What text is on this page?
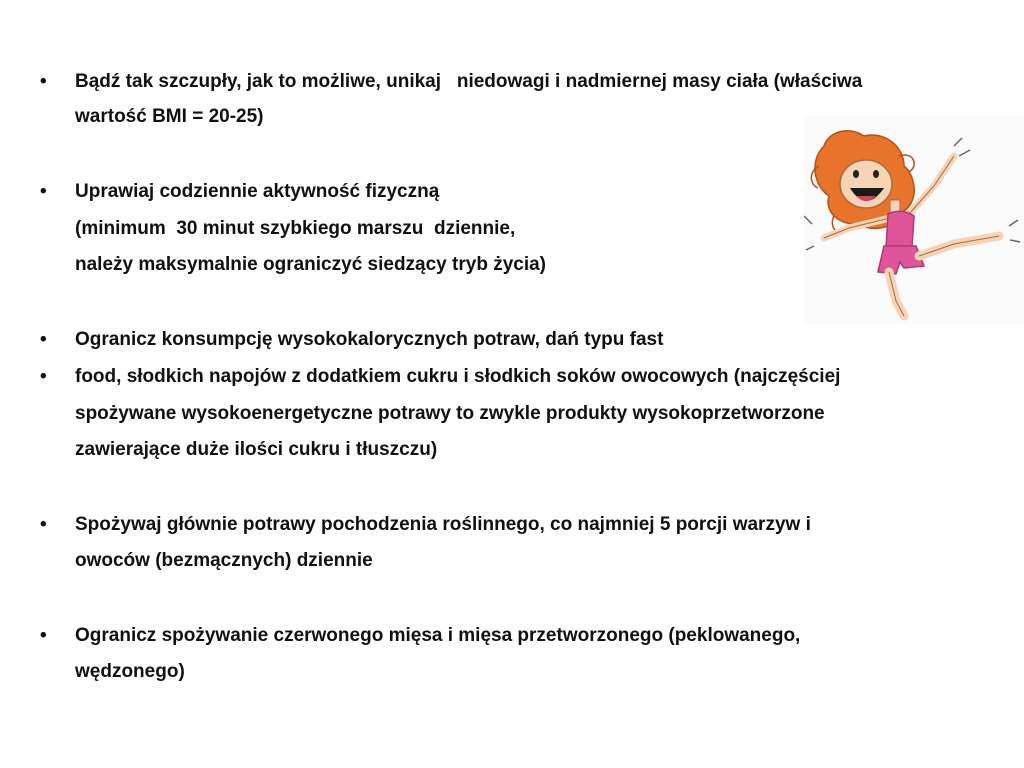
• Bądź tak szczupły, jak to możliwe, unikaj   niedowagi i nadmiernej masy ciała (właściwa
wartość BMI = 20-25)
• Uprawiaj codziennie aktywność fizyczną
(minimum  30 minut szybkiego marszu  dziennie,
należy maksymalnie ograniczyć siedzący tryb życia)
• Ogranicz konsumpcję wysokokalorycznych potraw, dań typu fast
• food, słodkich napojów z dodatkiem cukru i słodkich soków owocowych (najczęściej
spożywane wysokoenergetyczne potrawy to zwykle produkty wysokoprzetworzone
zawierające duże ilości cukru i tłuszczu)
• Spożywaj głównie potrawy pochodzenia roślinnego, co najmniej 5 porcji warzyw i
owoców (bezmącznych) dziennie
• Ogranicz spożywanie czerwonego mięsa i mięsa przetworzonego (peklowanego,
wędzonego)
